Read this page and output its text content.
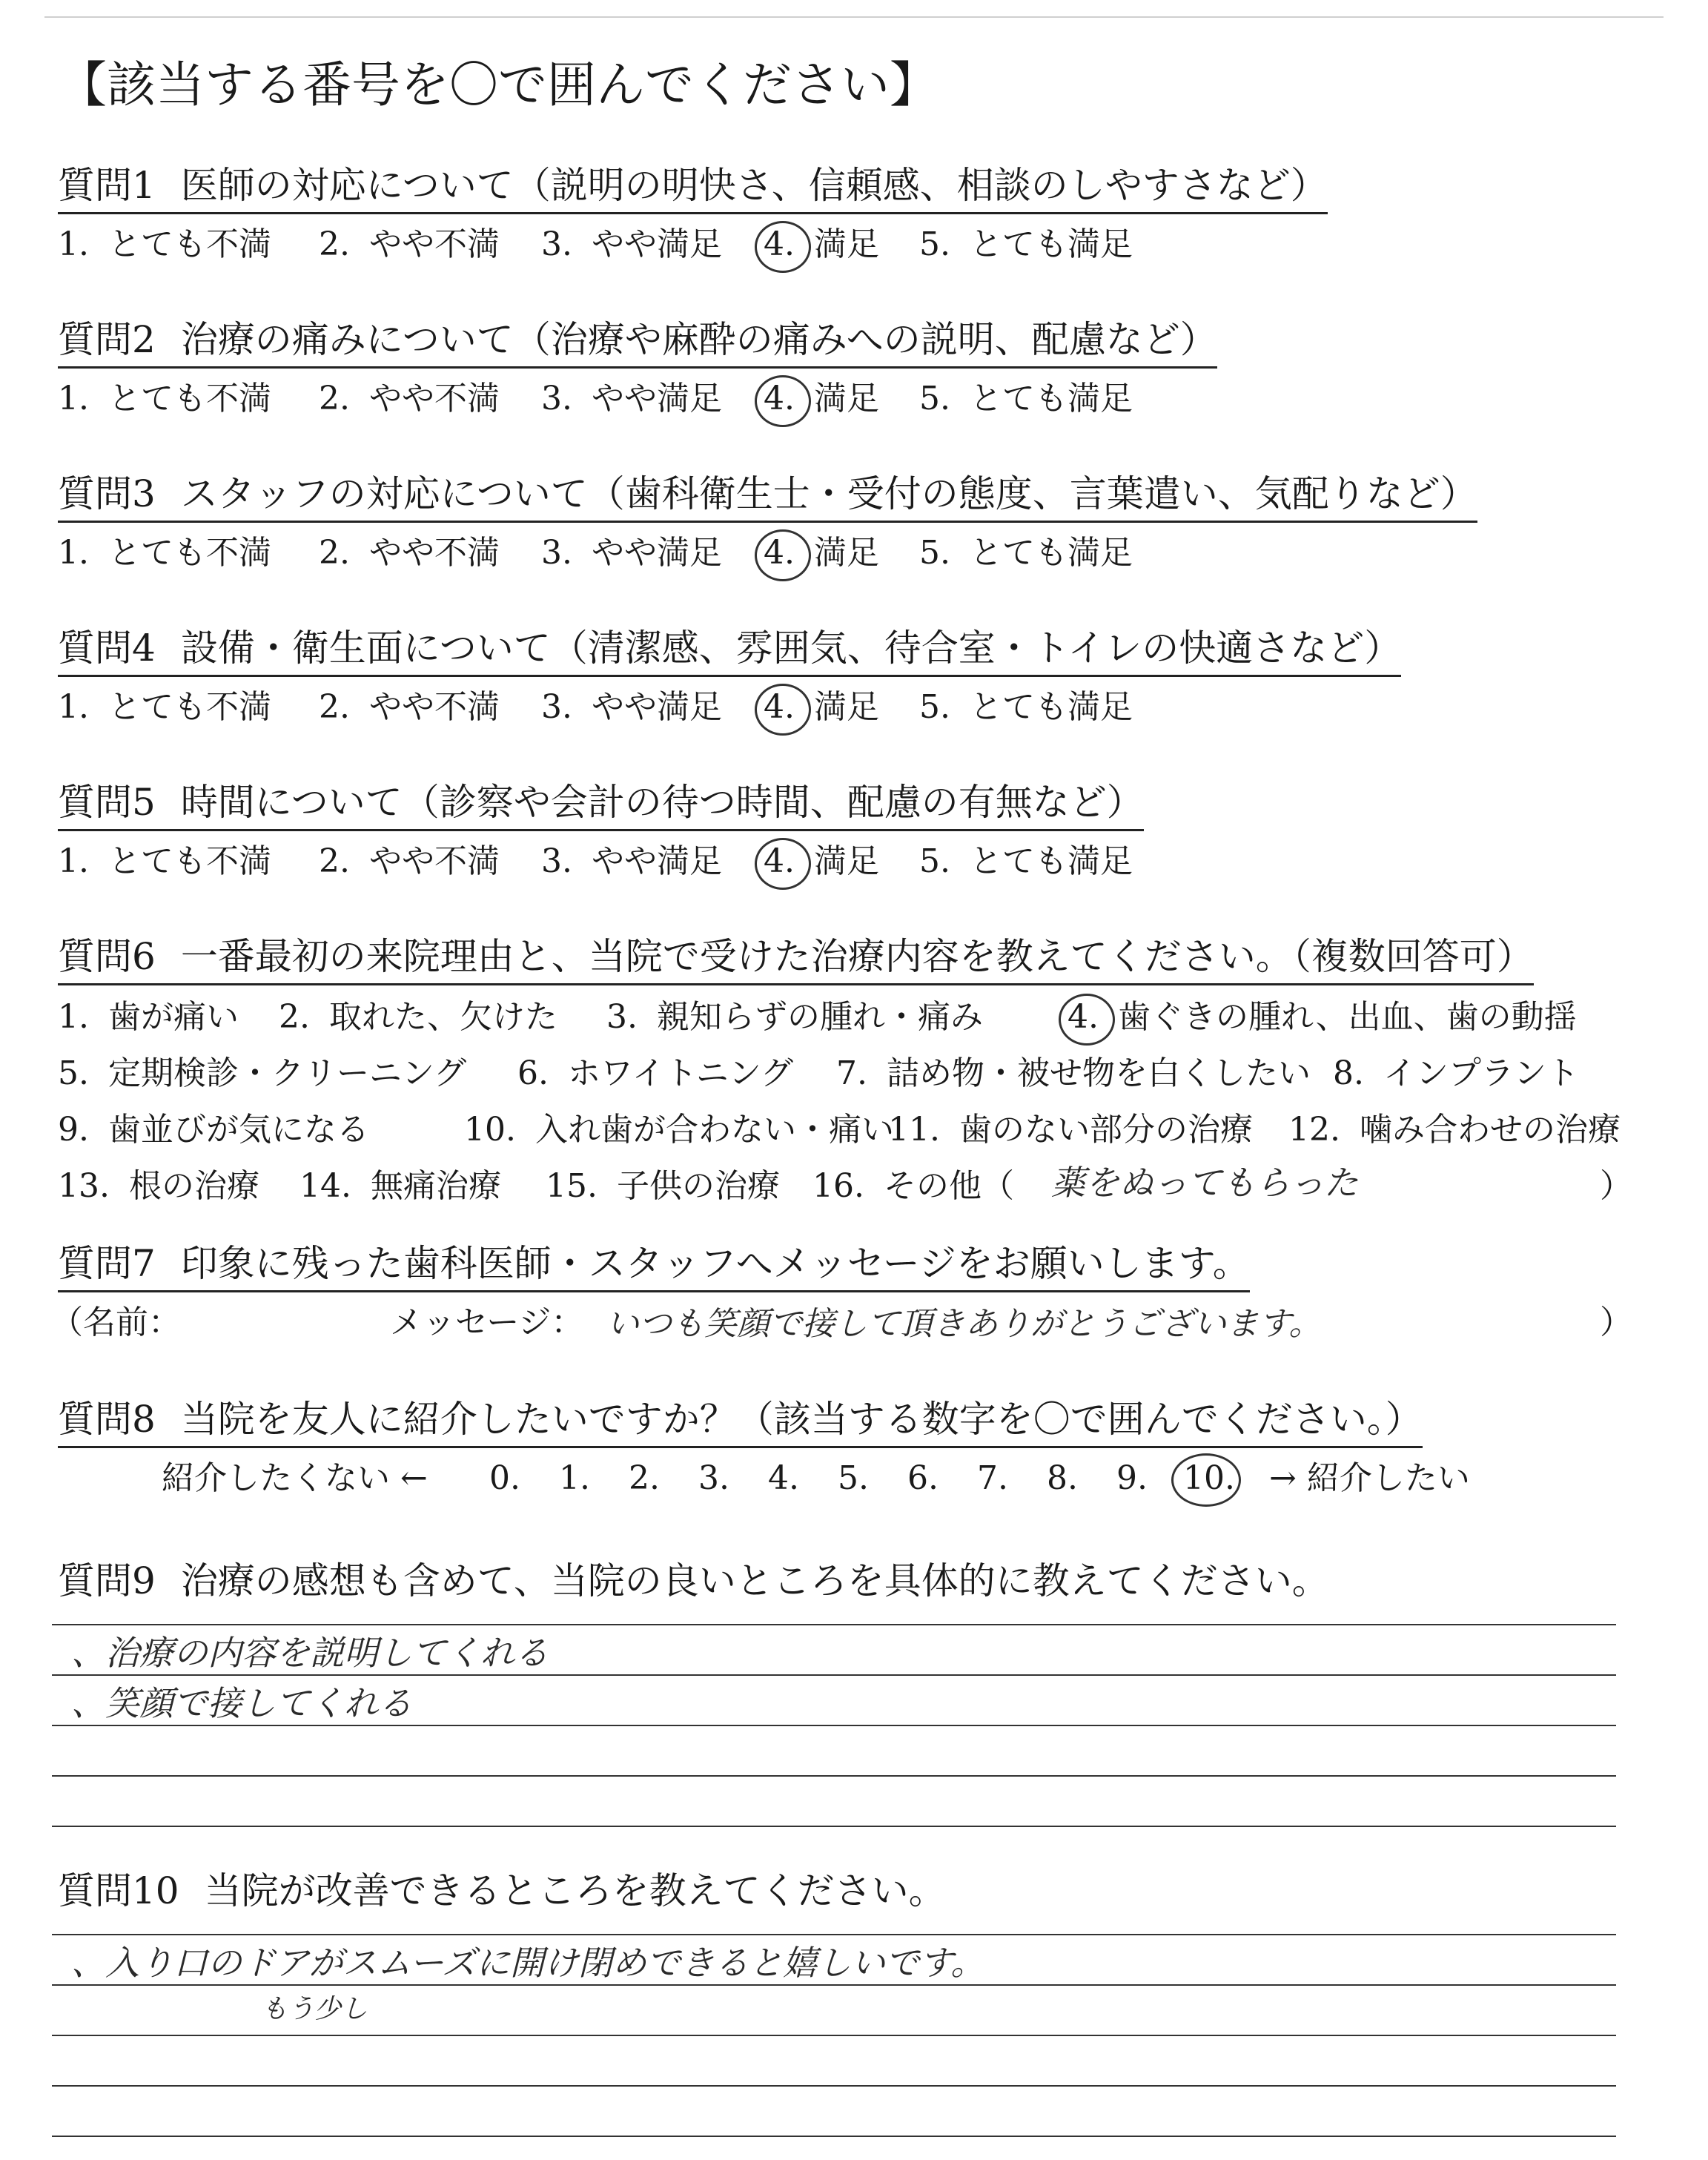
【該当する番号を〇で囲んでください】
質問1 医師の対応について（説明の明快さ、信頼感、相談のしやすさなど）
1. とても不満 2. やや不満 3. やや満足 4. 満足 5. とても満足
質問2 治療の痛みについて（治療や麻酔の痛みへの説明、配慮など）
1. とても不満 2. やや不満 3. やや満足 4. 満足 5. とても満足
質問3 スタッフの対応について（歯科衛生士・受付の態度、言葉遣い、気配りなど）
1. とても不満 2. やや不満 3. やや満足 4. 満足 5. とても満足
質問4 設備・衛生面について（清潔感、雰囲気、待合室・トイレの快適さなど）
1. とても不満 2. やや不満 3. やや満足 4. 満足 5. とても満足
質問5 時間について（診察や会計の待つ時間、配慮の有無など）
1. とても不満 2. やや不満 3. やや満足 4. 満足 5. とても満足
質問6 一番最初の来院理由と、当院で受けた治療内容を教えてください。（複数回答可）
1. 歯が痛い 2. 取れた、欠けた 3. 親知らずの腫れ・痛み	4. 歯ぐきの腫れ、出血、歯の動揺
5. 定期検診・クリーニング 6. ホワイトニング 7. 詰め物・被せ物を白くしたい 8. インプラント
9. 歯並びが気になる	10. 入れ歯が合わない・痛い
11. 歯のない部分の治療 12. 噛み合わせの治療
13. 根の治療 14. 無痛治療 15. 子供の治療 16. その他（ 薬をぬってもらった	）
質問7 印象に残った歯科医師・スタッフへメッセージをお願いします。
（名前：	メッセージ： いつも笑顔で接して頂きありがとうございます。	）
質問8 当院を友人に紹介したいですか？（該当する数字を〇で囲んでください。）
紹介したくない ← 0. 1. 2. 3. 4. 5. 6. 7. 8. 9. 10. → 紹介したい
質問9 治療の感想も含めて、当院の良いところを具体的に教えてください。
、治療の内容を説明してくれる
、笑顔で接してくれる
質問10 当院が改善できるところを教えてください。
、入り口のドアがスムーズに開け閉めできると嬉しいです。
もう少し
